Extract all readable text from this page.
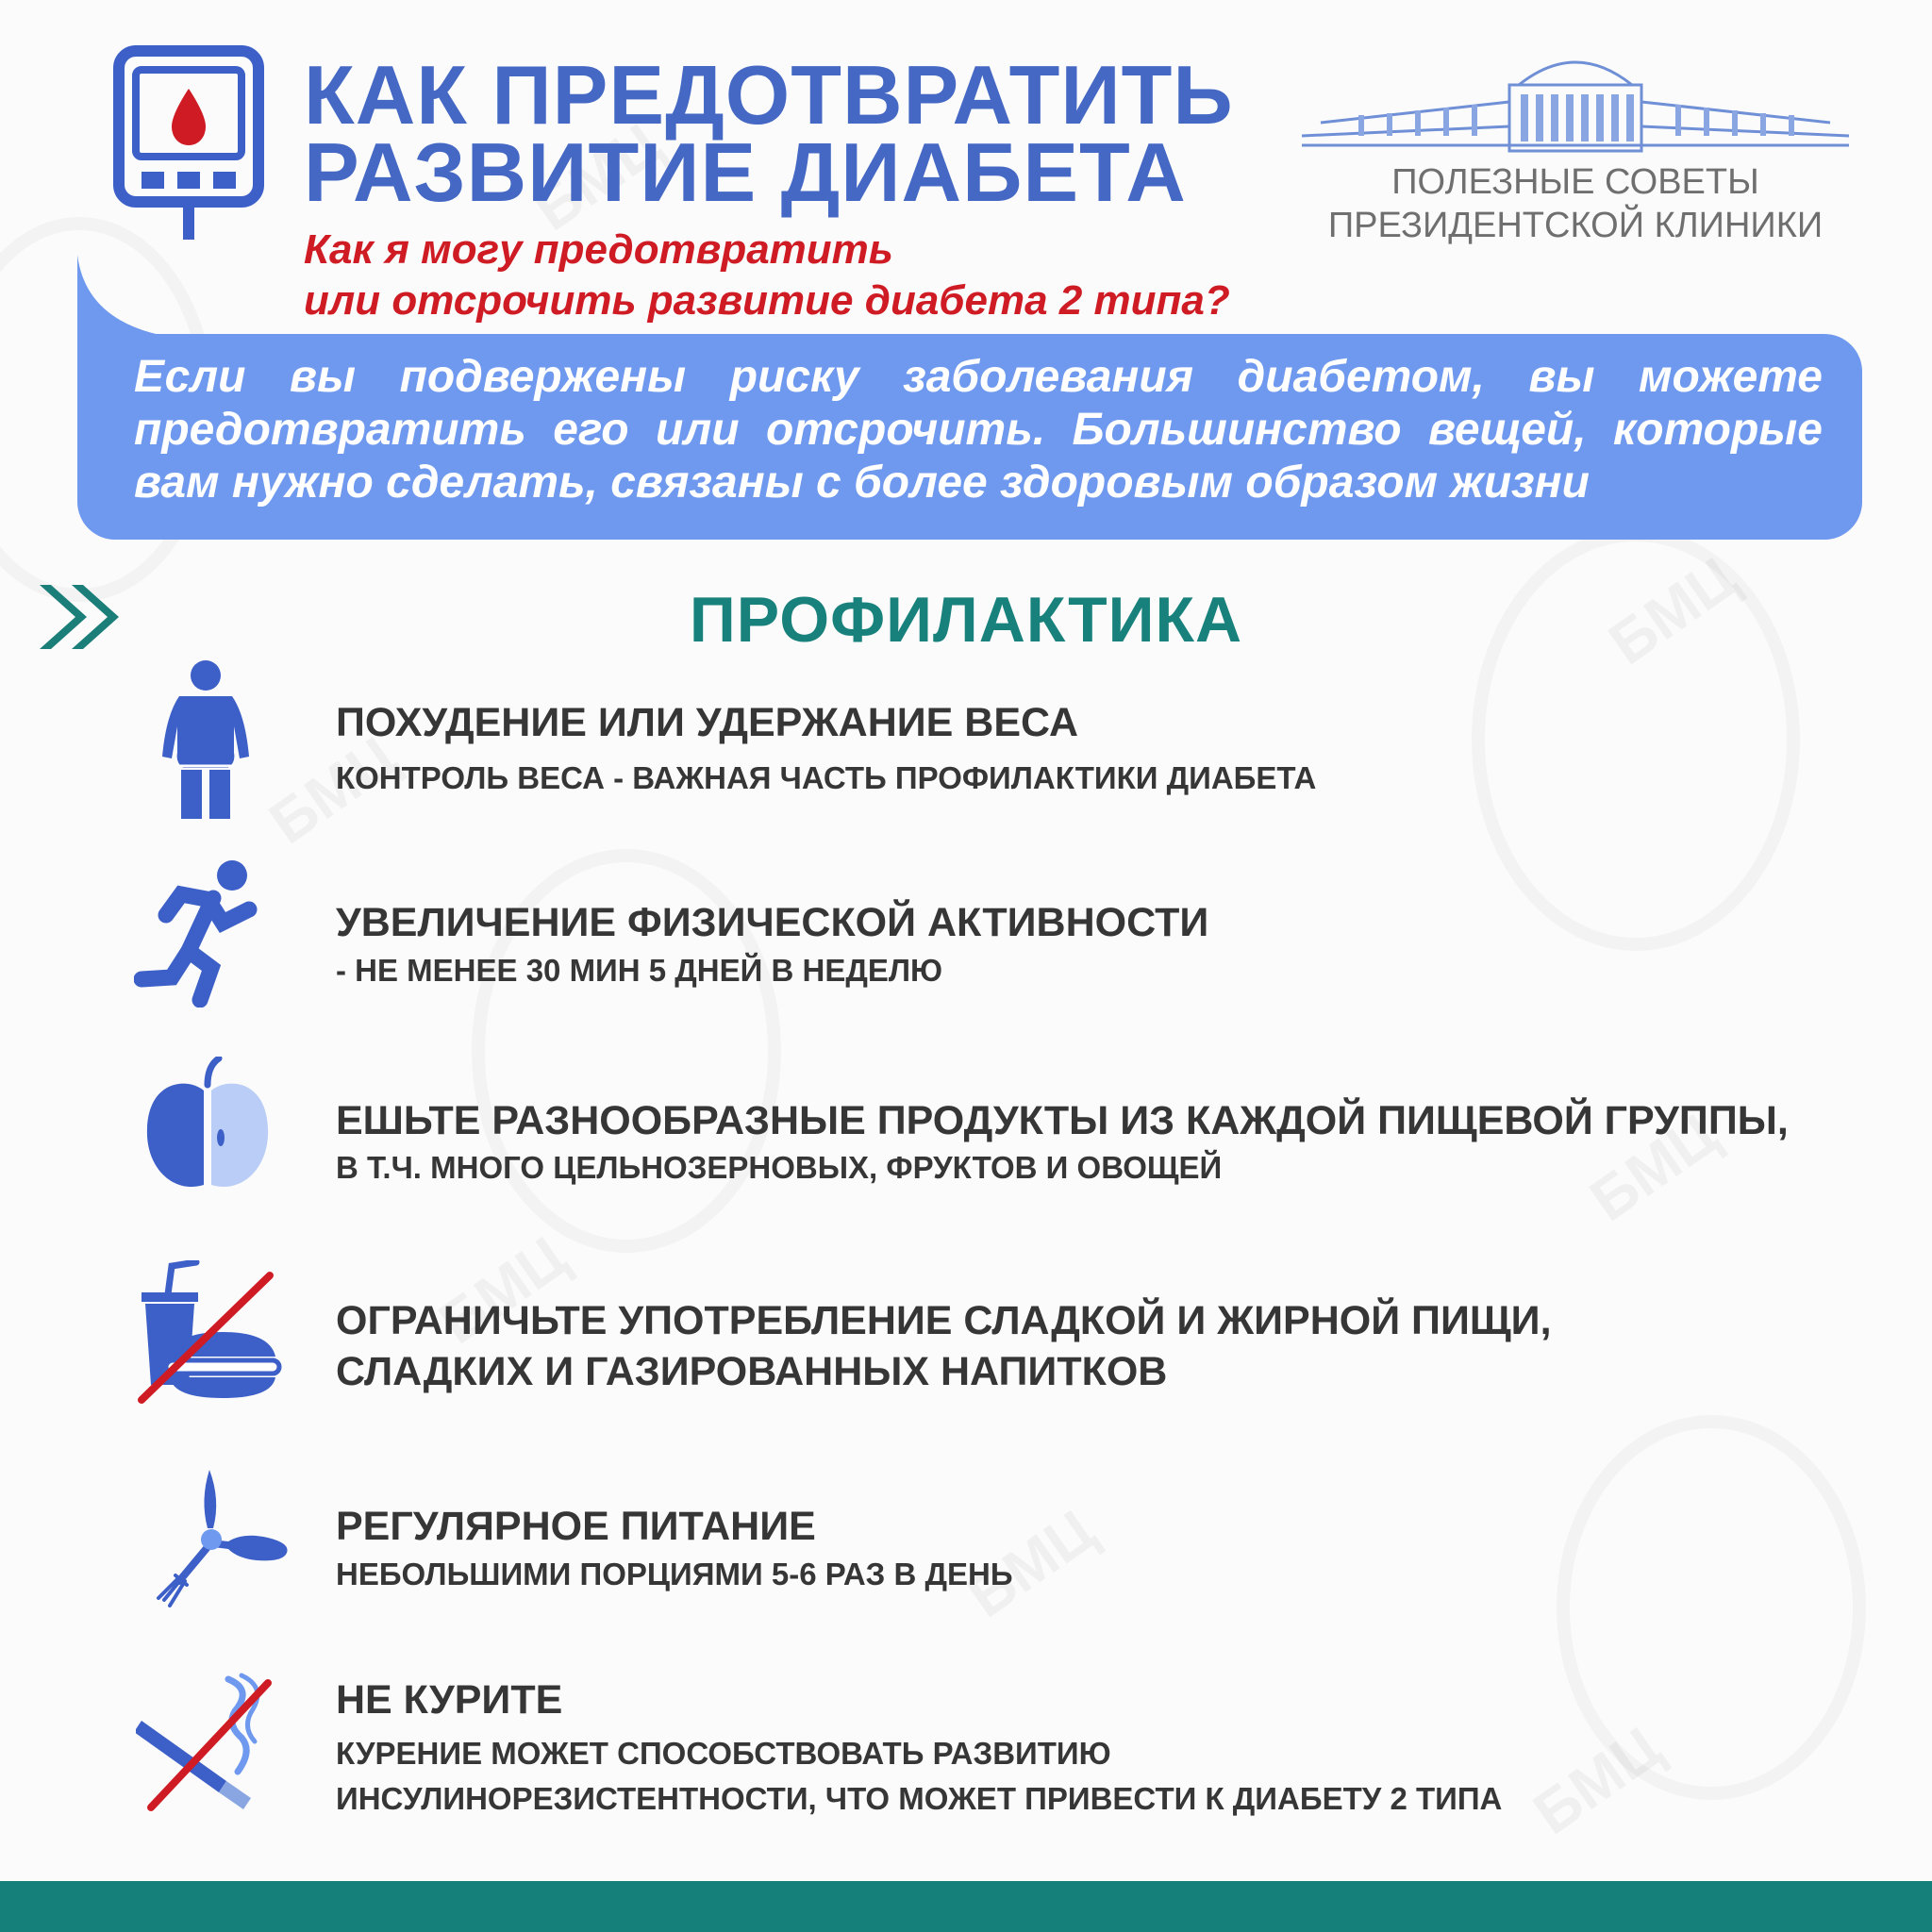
КАК ПРЕДОТВРАТИТЬ
РАЗВИТИЕ ДИАБЕТА
Как я могу предотвратить
или отсрочить развитие диабета 2 типа?
ПОЛЕЗНЫЕ СОВЕТЫ
ПРЕЗИДЕНТСКОЙ КЛИНИКИ

Если вы подвержены риску заболевания диабетом, вы можете предотвратить его или отсрочить. Большинство вещей, которые вам нужно сделать, связаны с более здоровым образом жизни

ПРОФИЛАКТИКА
ПОХУДЕНИЕ ИЛИ УДЕРЖАНИЕ ВЕСА
КОНТРОЛЬ ВЕСА - ВАЖНАЯ ЧАСТЬ ПРОФИЛАКТИКИ ДИАБЕТА
УВЕЛИЧЕНИЕ ФИЗИЧЕСКОЙ АКТИВНОСТИ
- НЕ МЕНЕЕ 30 МИН 5 ДНЕЙ В НЕДЕЛЮ
ЕШЬТЕ РАЗНООБРАЗНЫЕ ПРОДУКТЫ ИЗ КАЖДОЙ ПИЩЕВОЙ ГРУППЫ,
В Т.Ч. МНОГО ЦЕЛЬНОЗЕРНОВЫХ, ФРУКТОВ И ОВОЩЕЙ
ОГРАНИЧЬТЕ УПОТРЕБЛЕНИЕ СЛАДКОЙ И ЖИРНОЙ ПИЩИ,
СЛАДКИХ И ГАЗИРОВАННЫХ НАПИТКОВ
РЕГУЛЯРНОЕ ПИТАНИЕ
НЕБОЛЬШИМИ ПОРЦИЯМИ 5-6 РАЗ В ДЕНЬ
НЕ КУРИТЕ
КУРЕНИЕ МОЖЕТ СПОСОБСТВОВАТЬ РАЗВИТИЮ
ИНСУЛИНОРЕЗИСТЕНТНОСТИ, ЧТО МОЖЕТ ПРИВЕСТИ К ДИАБЕТУ 2 ТИПА
